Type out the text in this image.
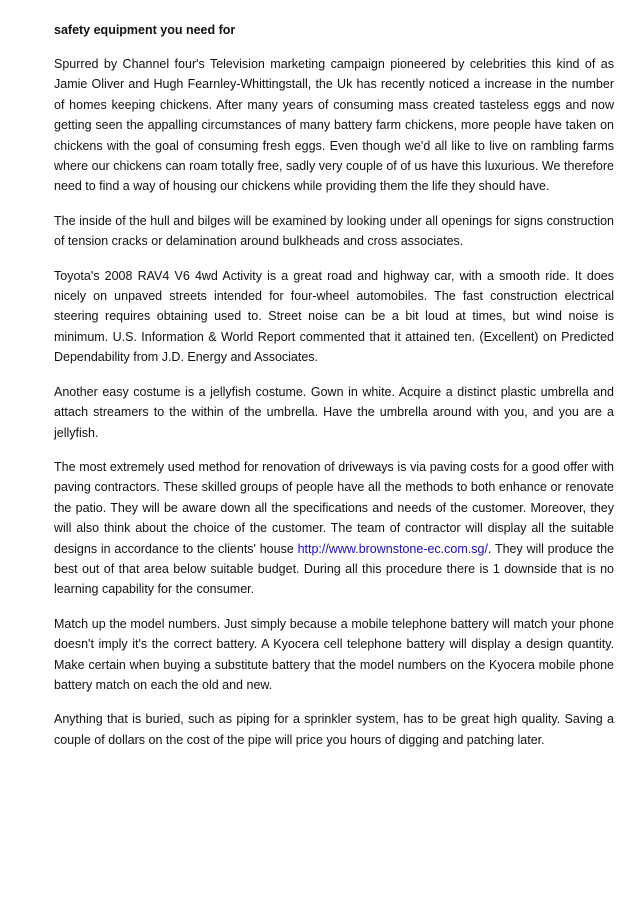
safety equipment you need for

Spurred by Channel four's Television marketing campaign pioneered by celebrities this kind of as Jamie Oliver and Hugh Fearnley-Whittingstall, the Uk has recently noticed a increase in the number of homes keeping chickens. After many years of consuming mass created tasteless eggs and now getting seen the appalling circumstances of many battery farm chickens, more people have taken on chickens with the goal of consuming fresh eggs. Even though we'd all like to live on rambling farms where our chickens can roam totally free, sadly very couple of of us have this luxurious. We therefore need to find a way of housing our chickens while providing them the life they should have.

The inside of the hull and bilges will be examined by looking under all openings for signs construction of tension cracks or delamination around bulkheads and cross associates.

Toyota's 2008 RAV4 V6 4wd Activity is a great road and highway car, with a smooth ride. It does nicely on unpaved streets intended for four-wheel automobiles. The fast construction electrical steering requires obtaining used to. Street noise can be a bit loud at times, but wind noise is minimum. U.S. Information & World Report commented that it attained ten. (Excellent) on Predicted Dependability from J.D. Energy and Associates.

Another easy costume is a jellyfish costume. Gown in white. Acquire a distinct plastic umbrella and attach streamers to the within of the umbrella. Have the umbrella around with you, and you are a jellyfish.

The most extremely used method for renovation of driveways is via paving costs for a good offer with paving contractors. These skilled groups of people have all the methods to both enhance or renovate the patio. They will be aware down all the specifications and needs of the customer. Moreover, they will also think about the choice of the customer. The team of contractor will display all the suitable designs in accordance to the clients' house http://www.brownstone-ec.com.sg/. They will produce the best out of that area below suitable budget. During all this procedure there is 1 downside that is no learning capability for the consumer.

Match up the model numbers. Just simply because a mobile telephone battery will match your phone doesn't imply it's the correct battery. A Kyocera cell telephone battery will display a design quantity. Make certain when buying a substitute battery that the model numbers on the Kyocera mobile phone battery match on each the old and new.

Anything that is buried, such as piping for a sprinkler system, has to be great high quality. Saving a couple of dollars on the cost of the pipe will price you hours of digging and patching later.
